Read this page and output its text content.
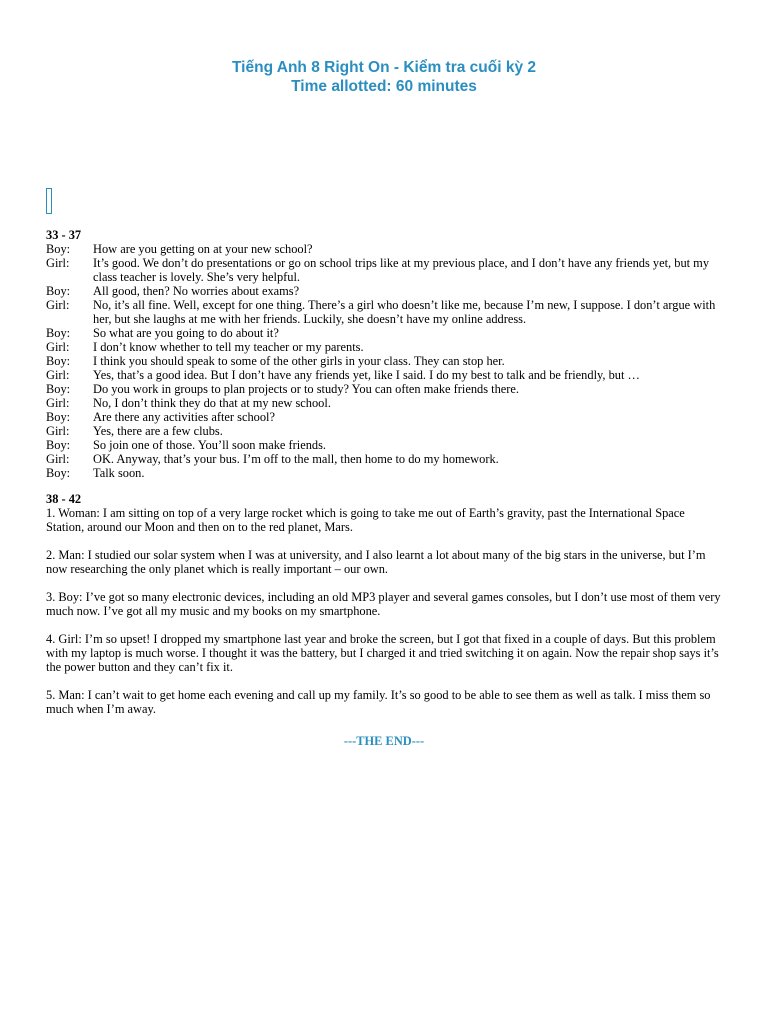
Tiếng Anh 8 Right On - Kiểm tra cuối kỳ 2
Time allotted: 60 minutes

33 - 37

Boy: How are you getting on at your new school?

Girl: It’s good. We don’t do presentations or go on school trips like at my previous place, and I don’t have any friends yet, but my class teacher is lovely. She’s very helpful.

Boy: All good, then? No worries about exams?

Girl: No, it’s all fine. Well, except for one thing. There’s a girl who doesn’t like me, because I’m new, I suppose. I don’t argue with her, but she laughs at me with her friends. Luckily, she doesn’t have my online address.

Boy: So what are you going to do about it?

Girl: I don’t know whether to tell my teacher or my parents.

Boy: I think you should speak to some of the other girls in your class. They can stop her.

Girl: Yes, that’s a good idea. But I don’t have any friends yet, like I said. I do my best to talk and be friendly, but …

Boy: Do you work in groups to plan projects or to study? You can often make friends there.

Girl: No, I don’t think they do that at my new school.

Boy: Are there any activities after school?

Girl: Yes, there are a few clubs.

Boy: So join one of those. You’ll soon make friends.

Girl: OK. Anyway, that’s your bus. I’m off to the mall, then home to do my homework.

Boy: Talk soon.

38 - 42

1. Woman: I am sitting on top of a very large rocket which is going to take me out of Earth’s gravity, past the International Space Station, around our Moon and then on to the red planet, Mars.

2. Man: I studied our solar system when I was at university, and I also learnt a lot about many of the big stars in the universe, but I’m now researching the only planet which is really important – our own.

3. Boy: I’ve got so many electronic devices, including an old MP3 player and several games consoles, but I don’t use most of them very much now. I’ve got all my music and my books on my smartphone.

4. Girl: I’m so upset! I dropped my smartphone last year and broke the screen, but I got that fixed in a couple of days. But this problem with my laptop is much worse. I thought it was the battery, but I charged it and tried switching it on again. Now the repair shop says it’s the power button and they can’t fix it.

5. Man: I can’t wait to get home each evening and call up my family. It’s so good to be able to see them as well as talk. I miss them so much when I’m away.

---THE END---
